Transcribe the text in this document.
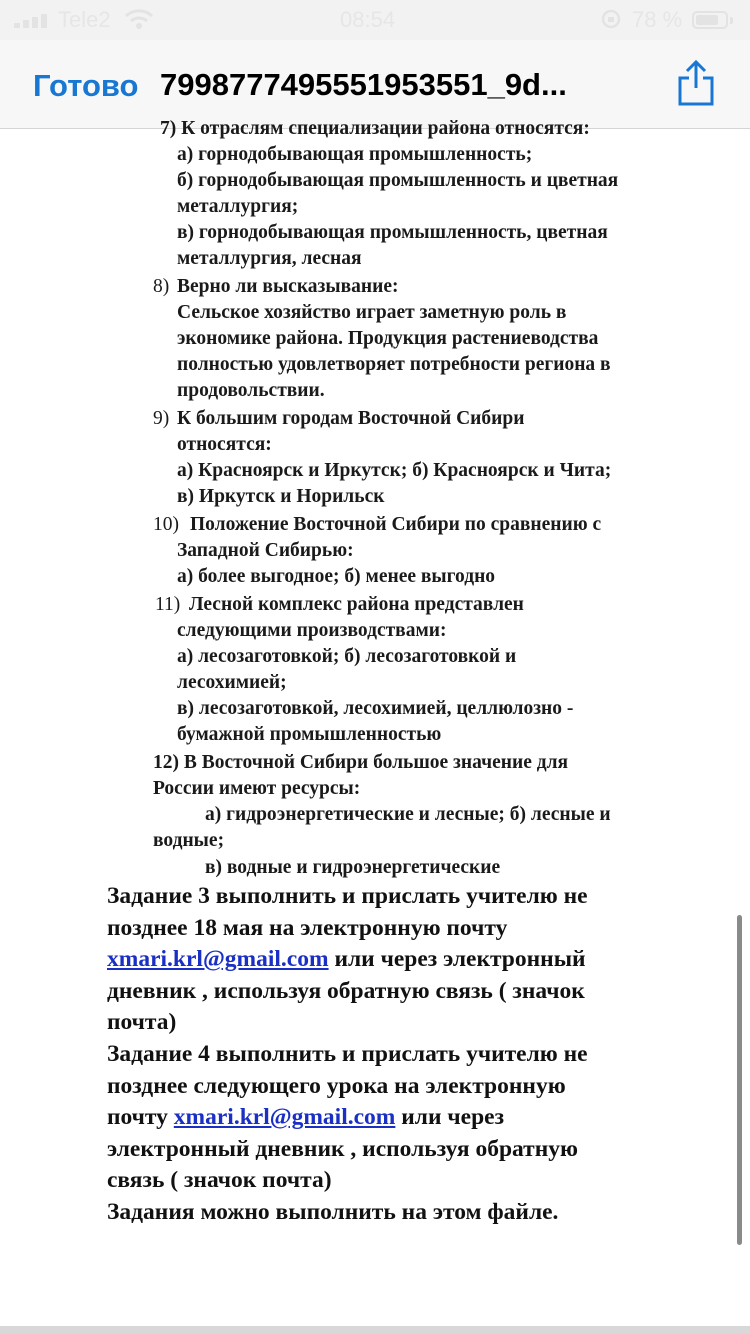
Tele2	08:54	78 %
Готово 7998777495551953551_9d...
7) К отраслям специализации района относятся:
а) горнодобывающая промышленность;
б) горнодобывающая промышленность и цветная
металлургия;
в) горнодобывающая промышленность, цветная
металлургия, лесная
8) Верно ли высказывание:
Сельское хозяйство играет заметную роль в
экономике района. Продукция растениеводства
полностью удовлетворяет потребности региона в
продовольствии.
9) К большим городам Восточной Сибири
относятся:
а) Красноярск и Иркутск; б) Красноярск и Чита;
в) Иркутск и Норильск
10) Положение Восточной Сибири по сравнению с
Западной Сибирью:
а) более выгодное; б) менее выгодно
11) Лесной комплекс района представлен
следующими производствами:
а) лесозаготовкой; б) лесозаготовкой и
лесохимией;
в) лесозаготовкой, лесохимией, целлюлозно -
бумажной промышленностью
12) В Восточной Сибири большое значение для
России имеют ресурсы:
а) гидроэнергетические и лесные; б) лесные и
водные;
в) водные и гидроэнергетические
Задание 3 выполнить и прислать учителю не
позднее 18 мая на электронную почту
xmari.krl@gmail.com или через электронный
дневник , используя обратную связь ( значок
почта)
Задание 4 выполнить и прислать учителю не
позднее следующего урока на электронную
почту xmari.krl@gmail.com или через
электронный дневник , используя обратную
связь ( значок почта)
Задания можно выполнить на этом файле.
